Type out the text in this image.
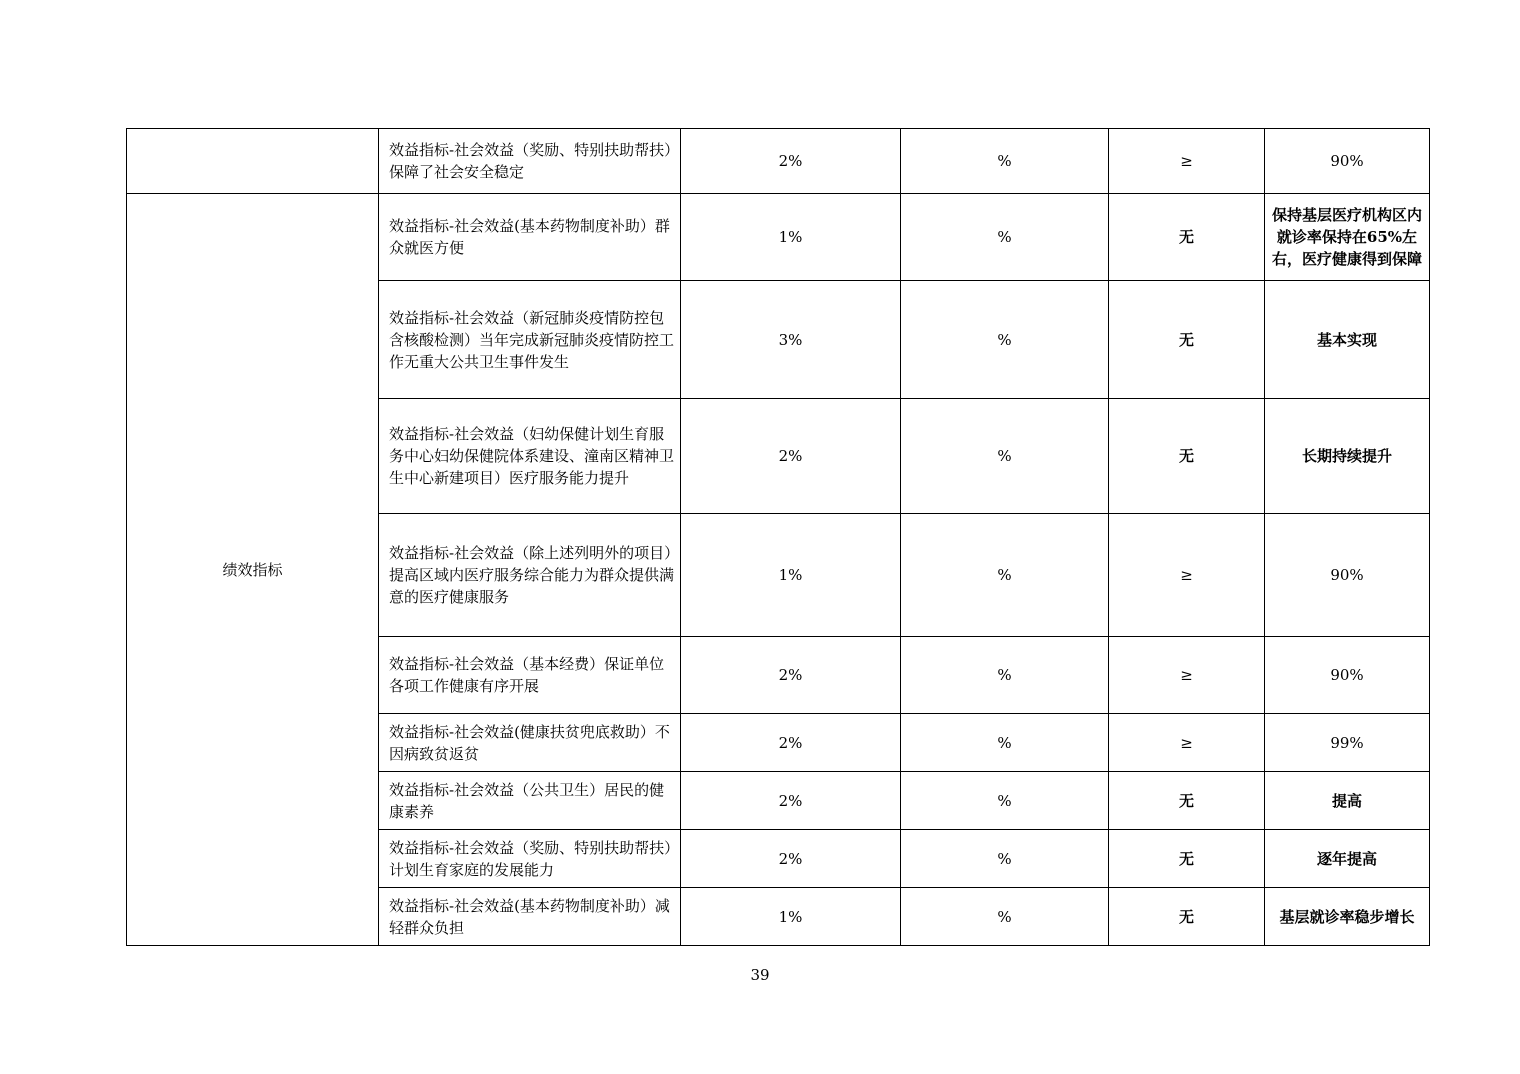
	效益指标-社会效益（奖励、特别扶助帮扶）保障了社会安全稳定	2%	%	≥	90%
绩效指标	效益指标-社会效益(基本药物制度补助）群众就医方便	1%	%	无	保持基层医疗机构区内就诊率保持在65%左右，医疗健康得到保障
	效益指标-社会效益（新冠肺炎疫情防控包含核酸检测）当年完成新冠肺炎疫情防控工作无重大公共卫生事件发生	3%	%	无	基本实现
	效益指标-社会效益（妇幼保健计划生育服务中心妇幼保健院体系建设、潼南区精神卫生中心新建项目）医疗服务能力提升	2%	%	无	长期持续提升
	效益指标-社会效益（除上述列明外的项目）提高区域内医疗服务综合能力为群众提供满意的医疗健康服务	1%	%	≥	90%
	效益指标-社会效益（基本经费）保证单位各项工作健康有序开展	2%	%	≥	90%
	效益指标-社会效益(健康扶贫兜底救助）不因病致贫返贫	2%	%	≥	99%
	效益指标-社会效益（公共卫生）居民的健康素养	2%	%	无	提高
	效益指标-社会效益（奖励、特别扶助帮扶）计划生育家庭的发展能力	2%	%	无	逐年提高
	效益指标-社会效益(基本药物制度补助）减轻群众负担	1%	%	无	基层就诊率稳步增长
39
